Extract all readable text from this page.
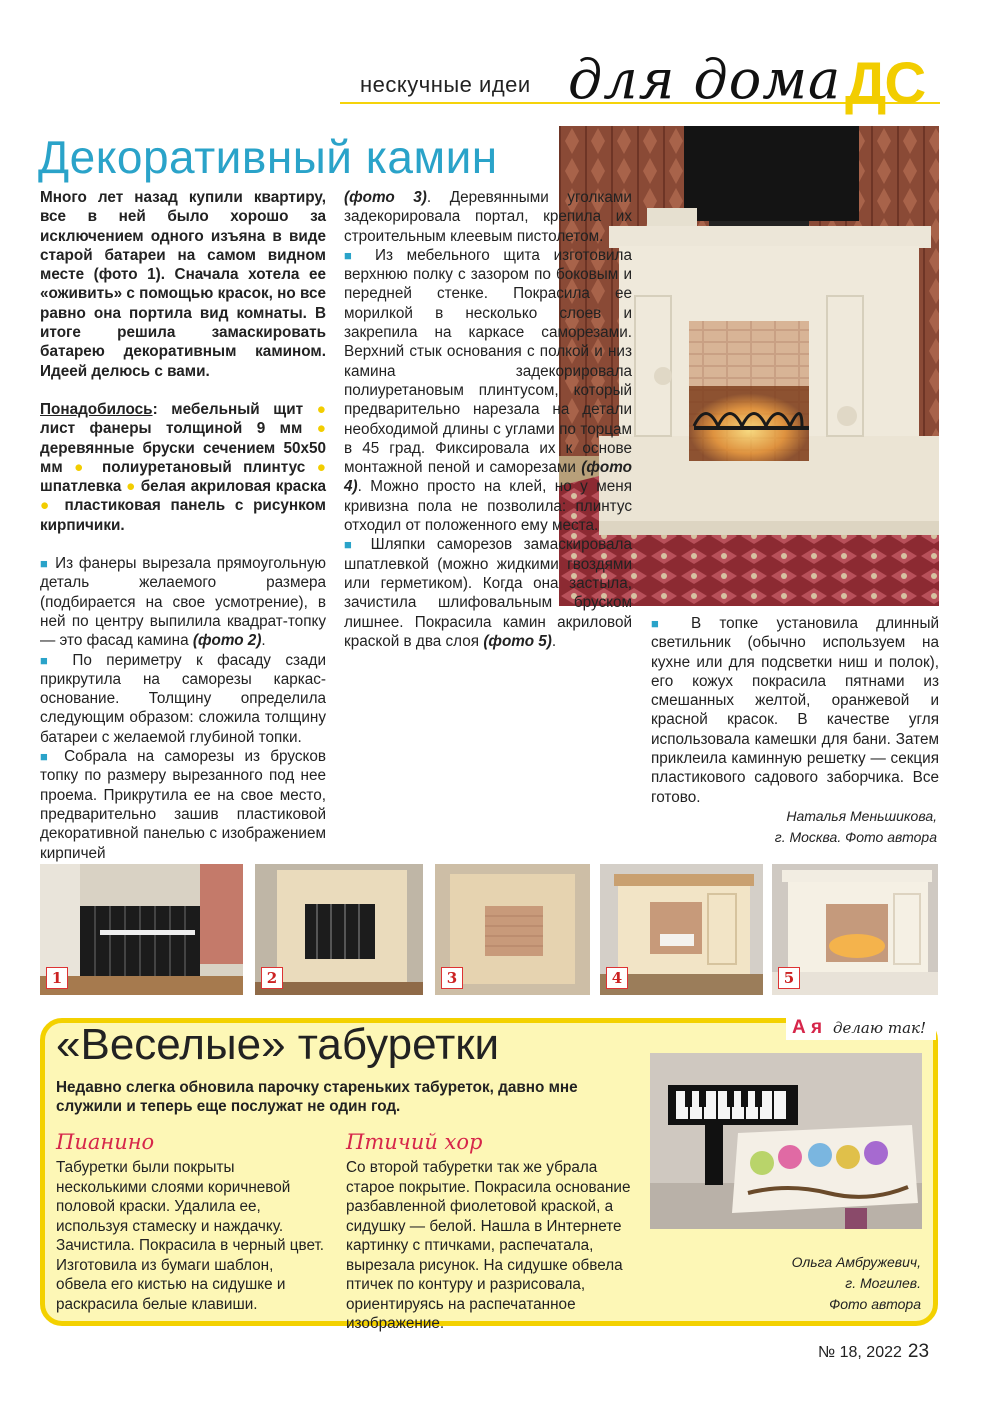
нескучные идеи для дома ДС
Декоративный камин

Много лет назад купили квартиру, все в ней было хорошо за исключением одного изъяна в виде старой батареи на самом видном месте (фото 1). Сначала хотела ее «оживить» с помощью красок, но все равно она портила вид комнаты. В итоге решила замаскировать батарею декоративным камином. Идеей делюсь с вами.

Понадобилось: мебельный щит ● лист фанеры толщиной 9 мм ● деревянные бруски сечением 50x50 мм ● полиуретановый плинтус ● шпатлевка ● белая акриловая краска ● пластиковая панель с рисунком кирпичики.

■ Из фанеры вырезала прямоугольную деталь желаемого размера (подбирается на свое усмотрение), в ней по центру выпилила квадрат-топку — это фасад камина (фото 2).

■ По периметру к фасаду сзади прикрутила на саморезы каркас-основание. Толщину определила следующим образом: сложила толщину батареи с желаемой глубиной топки.

■ Собрала на саморезы из брусков топку по размеру вырезанного под нее проема. Прикрутила ее на свое место, предварительно зашив пластиковой декоративной панелью с изображением кирпичей

(фото 3). Деревянными уголками задекорировала портал, крепила их строительным клеевым пистолетом.

■ Из мебельного щита изготовила верхнюю полку с зазором по боковым и передней стенке. Покрасила ее морилкой в несколько слоев и закрепила на каркасе саморезами. Верхний стык основания с полкой и низ камина задекорировала полиуретановым плинтусом, который предварительно нарезала на детали необходимой длины с углами по торцам в 45 град. Фиксировала их к основе монтажной пеной и саморезами (фото 4). Можно просто на клей, но у меня кривизна пола не позволила: плинтус отходил от положенного ему места.

■ Шляпки саморезов замаскировала шпатлевкой (можно жидкими гвоздями или герметиком). Когда она застыла, зачистила шлифовальным бруском лишнее. Покрасила камин акриловой краской в два слоя (фото 5).

■ В топке установила длинный светильник (обычно используем на кухне или для подсветки ниш и полок), его кожух покрасила пятнами из смешанных желтой, оранжевой и красной красок. В качестве угля использовала камешки для бани. Затем приклеила каминную решетку — секция пластикового садового заборчика. Все готово.

Наталья Меньшикова,
г. Москва. Фото автора
1	2	3	4	5
А я делаю так!
«Веселые» табуретки
Недавно слегка обновила парочку стареньких табуреток, давно мне служили и теперь еще послужат не один год.
Пианино
Табуретки были покрыты несколькими слоями коричневой половой краски. Удалила ее, используя стамеску и наждачку. Зачистила. Покрасила в черный цвет. Изготовила из бумаги шаблон, обвела его кистью на сидушке и раскрасила белые клавиши.
Птичий хор
Со второй табуретки так же убрала старое покрытие. Покрасила основание разбавленной фиолетовой краской, а сидушку — белой. Нашла в Интернете картинку с птичками, распечатала, вырезала рисунок. На сидушке обвела птичек по контуру и разрисовала, ориентируясь на распечатанное изображение.
Ольга Амбружевич,
г. Могилев.
Фото автора
№ 18, 2022 23
